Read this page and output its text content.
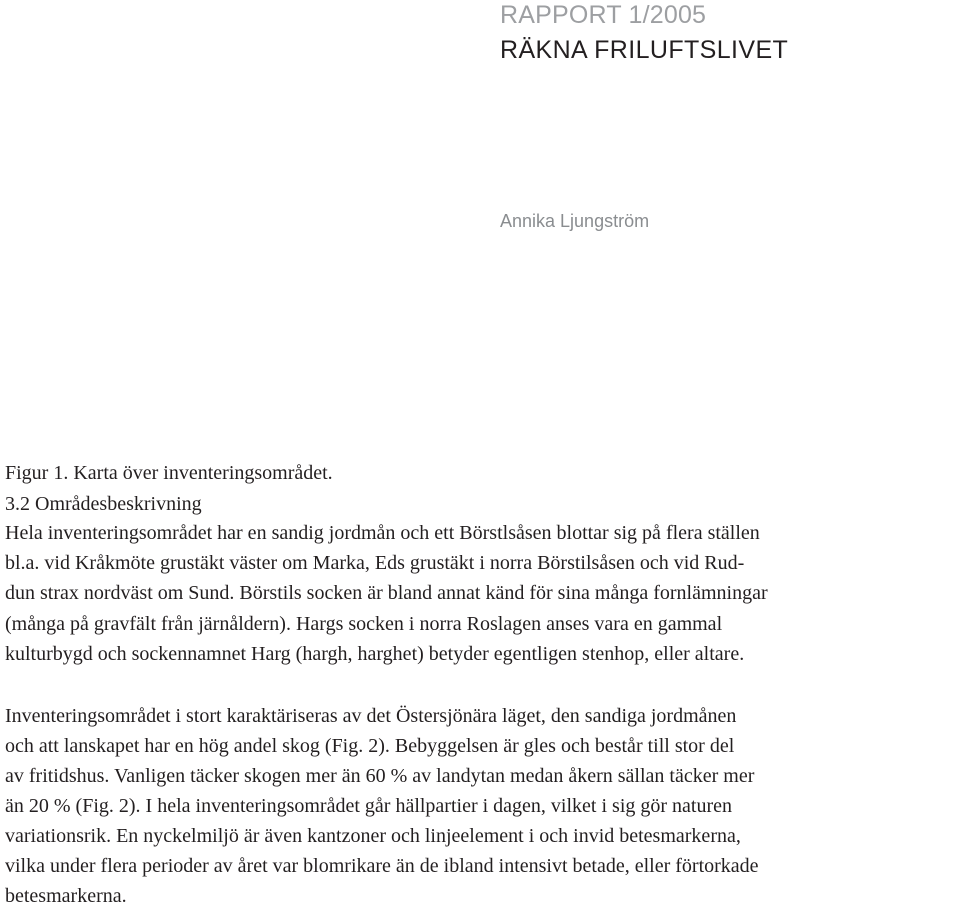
RAPPORT 1/2005
RÄKNA FRILUFTSLIVET
Annika Ljungström
Figur 1. Karta över inventeringsområdet.
3.2 Områdesbeskrivning
Hela inventeringsområdet har en sandig jordmån och ett Börstlsåsen blottar sig på flera ställen
bl.a. vid Kråkmöte grustäkt väster om Marka, Eds grustäkt i norra Börstilsåsen och vid Rud-
dun strax nordväst om Sund. Börstils socken är bland annat känd för sina många fornlämningar
(många på gravfält från järnåldern). Hargs socken i norra Roslagen anses vara en gammal
kulturbygd och sockennamnet Harg (hargh, harghet) betyder egentligen stenhop, eller altare.
Inventeringsområdet i stort karaktäriseras av det Östersjönära läget, den sandiga jordmånen
och att lanskapet har en hög andel skog (Fig. 2). Bebyggelsen är gles och består till stor del
av fritidshus. Vanligen täcker skogen mer än 60 % av landytan medan åkern sällan täcker mer
än 20 % (Fig. 2). I hela inventeringsområdet går hällpartier i dagen, vilket i sig gör naturen
variationsrik. En nyckelmiljö är även kantzoner och linjeelement i och invid betesmarkerna,
vilka under flera perioder av året var blomrikare än de ibland intensivt betade, eller förtorkade
betesmarkerna.
